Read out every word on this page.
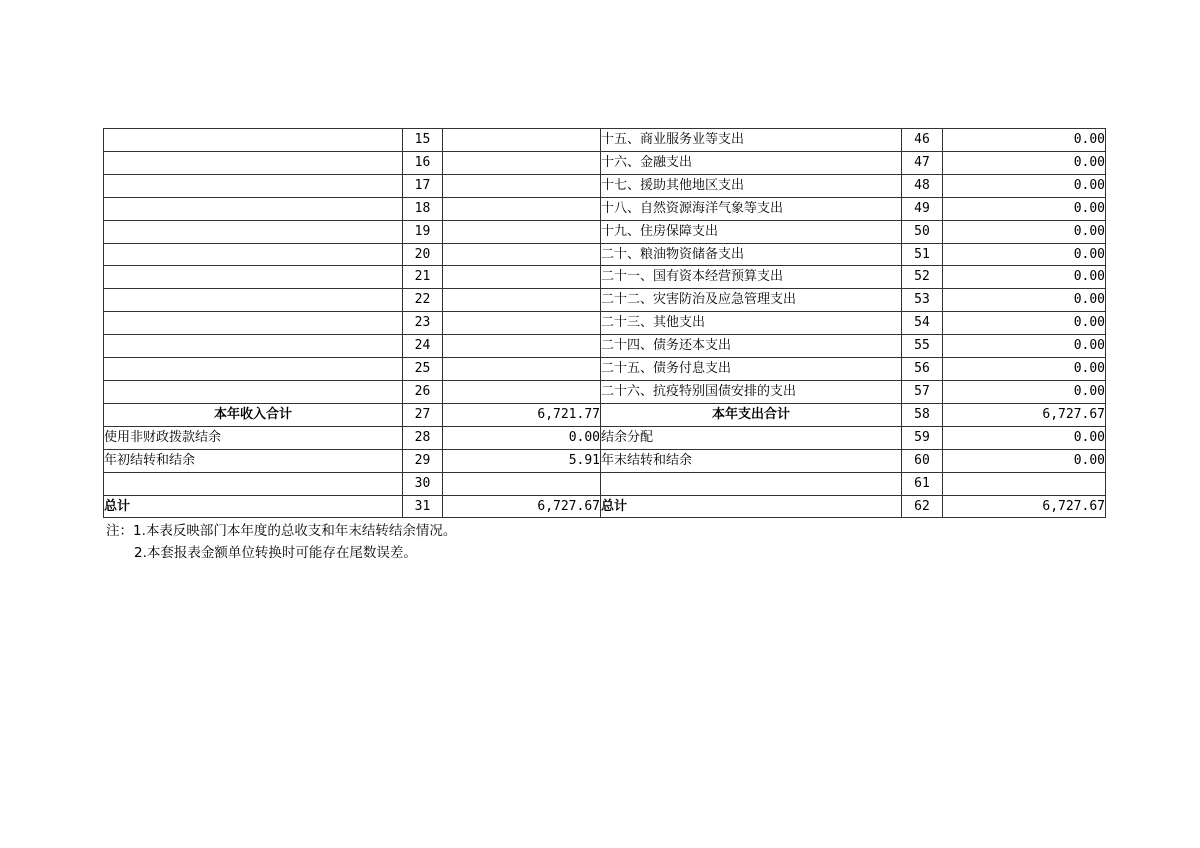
	15		十五、商业服务业等支出	46	0.00
	16		十六、金融支出	47	0.00
	17		十七、援助其他地区支出	48	0.00
	18		十八、自然资源海洋气象等支出	49	0.00
	19		十九、住房保障支出	50	0.00
	20		二十、粮油物资储备支出	51	0.00
	21		二十一、国有资本经营预算支出	52	0.00
	22		二十二、灾害防治及应急管理支出	53	0.00
	23		二十三、其他支出	54	0.00
	24		二十四、债务还本支出	55	0.00
	25		二十五、债务付息支出	56	0.00
	26		二十六、抗疫特别国债安排的支出	57	0.00
本年收入合计	27	6,721.77	本年支出合计	58	6,727.67
使用非财政拨款结余	28	0.00	结余分配	59	0.00
年初结转和结余	29	5.91	年末结转和结余	60	0.00
	30			61	
总计	31	6,727.67	总计	62	6,727.67
注：1.本表反映部门本年度的总收支和年末结转结余情况。
2.本套报表金额单位转换时可能存在尾数误差。
